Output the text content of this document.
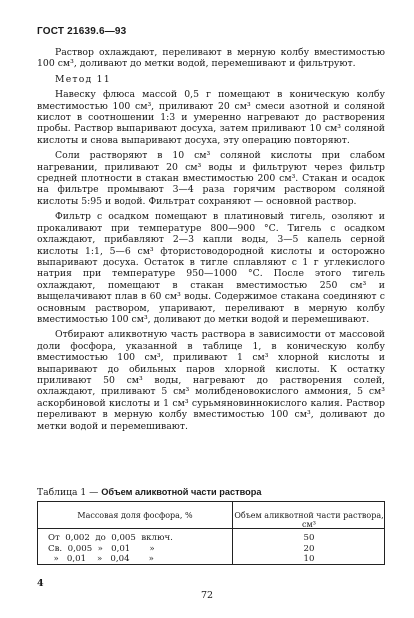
ГОСТ 21639.6—93

Раствор охлаждают, переливают в мерную колбу вместимостью 100 см³, доливают до метки водой, перемешивают и фильтруют.

Метод 11

Навеску флюса массой 0,5 г помещают в коническую колбу вместимостью 100 см³, приливают 20 см³ смеси азотной и соляной кислот в соотношении 1:3 и умеренно нагревают до растворения пробы. Раствор выпаривают досуха, затем приливают 10 см³ соляной кислоты и снова выпаривают досуха, эту операцию повторяют.

Соли растворяют в 10 см³ соляной кислоты при слабом нагревании, приливают 20 см³ воды и фильтруют через фильтр средней плотности в стакан вместимостью 200 см³. Стакан и осадок на фильтре промывают 3—4 раза горячим раствором соляной кислоты 5:95 и водой. Фильтрат сохраняют — основной раствор.

Фильтр с осадком помещают в платиновый тигель, озоляют и прокаливают при температуре 800—900 °С. Тигель с осадком охлаждают, прибавляют 2—3 капли воды, 3—5 капель серной кислоты 1:1, 5—6 см³ фтористоводородной кислоты и осторожно выпаривают досуха. Остаток в тигле сплавляют с 1 г углекислого натрия при температуре 950—1000 °С. После этого тигель охлаждают, помещают в стакан вместимостью 250 см³ и выщелачивают плав в 60 см³ воды. Содержимое стакана соединяют с основным раствором, упаривают, переливают в мерную колбу вместимостью 100 см³, доливают до метки водой и перемешивают.

Отбирают аликвотную часть раствора в зависимости от массовой доли фосфора, указанной в таблице 1, в коническую колбу вместимостью 100 см³, приливают 1 см³ хлорной кислоты и выпаривают до обильных паров хлорной кислоты. К остатку приливают 50 см³ воды, нагревают до растворения солей, охлаждают, приливают 5 см³ молибденовокислого аммония, 5 см³ аскорбиновой кислоты и 1 см³ сурьмяновиннокислого калия. Раствор переливают в мерную колбу вместимостью 100 см³, доливают до метки водой и перемешивают.

Таблица 1 — Объем аликвотной части раствора
Массовая доля фосфора, %	Объем аликвотной части раствора, см³
От  0,002  до  0,005  включ.	50
Св.  0,005  »   0,01       »	20
»   0,01    »   0,04       »	10
4
72
